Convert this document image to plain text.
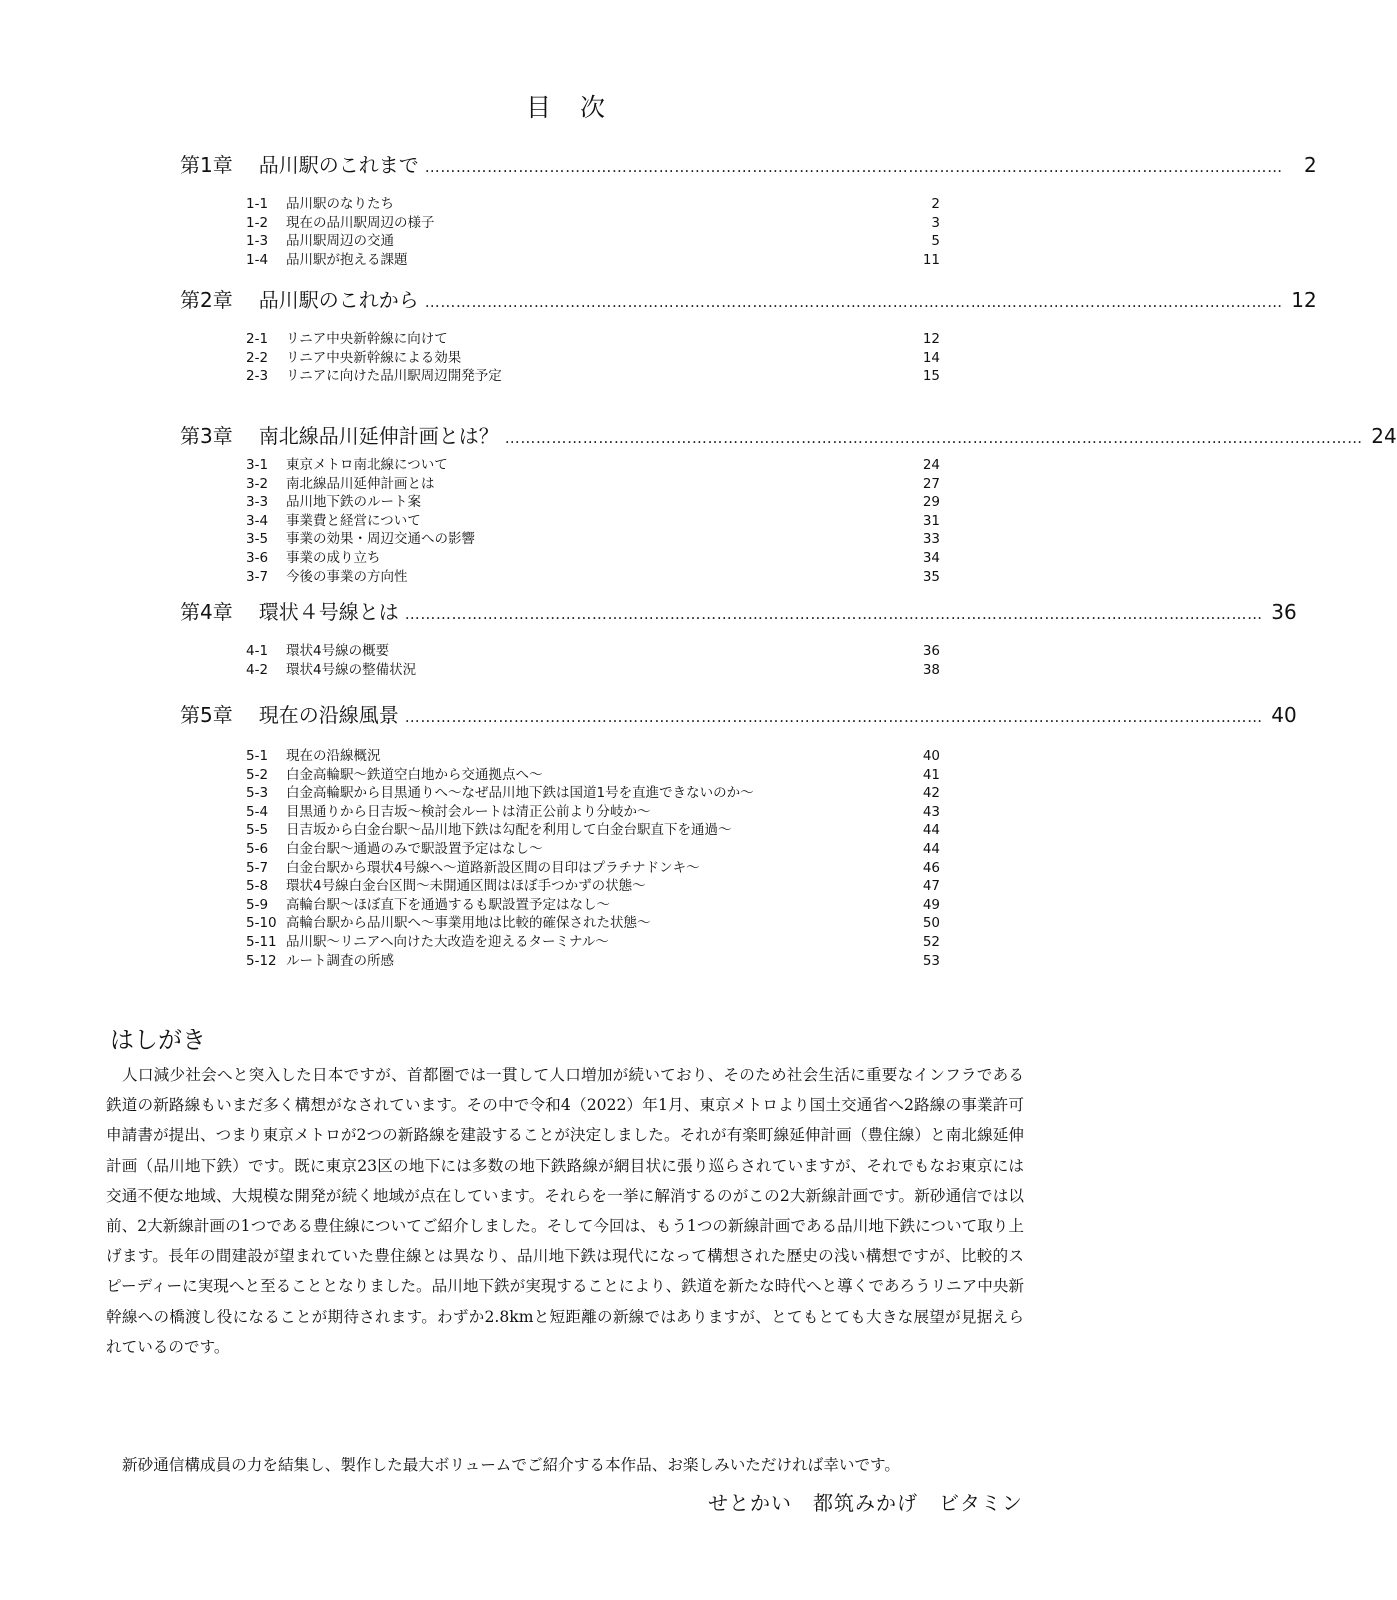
目　次
第1章 品川駅のこれまで …………………………………………………………………………………………………………………………………………………	2
1-1	品川駅のなりたち	2
1-2	現在の品川駅周辺の様子	3
1-3	品川駅周辺の交通	5
1-4	品川駅が抱える課題	11
第2章 品川駅のこれから ………………………………………………………………………………………………………………………………………………… 12
2-1	リニア中央新幹線に向けて	12
2-2	リニア中央新幹線による効果	14
2-3	リニアに向けた品川駅周辺開発予定	15
第3章 南北線品川延伸計画とは？ ………………………………………………………………………………………………………………………………………………… 24
3-1	東京メトロ南北線について	24
3-2	南北線品川延伸計画とは	27
3-3	品川地下鉄のルート案	29
3-4	事業費と経営について	31
3-5	事業の効果・周辺交通への影響	33
3-6	事業の成り立ち	34
3-7	今後の事業の方向性	35
第4章 環状４号線とは ………………………………………………………………………………………………………………………………………………… 36
4-1	環状4号線の概要	36
4-2	環状4号線の整備状況	38
第5章 現在の沿線風景 ………………………………………………………………………………………………………………………………………………… 40
5-1	現在の沿線概況	40
5-2	白金高輪駅～鉄道空白地から交通拠点へ～	41
5-3	白金高輪駅から目黒通りへ～なぜ品川地下鉄は国道1号を直進できないのか～	42
5-4	目黒通りから日吉坂～検討会ルートは清正公前より分岐か～	43
5-5	日吉坂から白金台駅～品川地下鉄は勾配を利用して白金台駅直下を通過～	44
5-6	白金台駅～通過のみで駅設置予定はなし～	44
5-7	白金台駅から環状4号線へ～道路新設区間の目印はプラチナドンキ～	46
5-8	環状4号線白金台区間～未開通区間はほぼ手つかずの状態～	47
5-9	高輪台駅～ほぼ直下を通過するも駅設置予定はなし～	49
5-10 高輪台駅から品川駅へ～事業用地は比較的確保された状態～	50
5-11 品川駅～リニアへ向けた大改造を迎えるターミナル～	52
5-12 ルート調査の所感	53
はしがき

人口減少社会へと突入した日本ですが、首都圏では一貫して人口増加が続いており、そのため社会生活に重要なインフラである鉄道の新路線もいまだ多く構想がなされています。その中で令和4（2022）年1月、東京メトロより国土交通省へ2路線の事業許可申請書が提出、つまり東京メトロが2つの新路線を建設することが決定しました。それが有楽町線延伸計画（豊住線）と南北線延伸計画（品川地下鉄）です。既に東京23区の地下には多数の地下鉄路線が網目状に張り巡らされていますが、それでもなお東京には交通不便な地域、大規模な開発が続く地域が点在しています。それらを一挙に解消するのがこの2大新線計画です。新砂通信では以前、2大新線計画の1つである豊住線についてご紹介しました。そして今回は、もう1つの新線計画である品川地下鉄について取り上げます。長年の間建設が望まれていた豊住線とは異なり、品川地下鉄は現代になって構想された歴史の浅い構想ですが、比較的スピーディーに実現へと至ることとなりました。品川地下鉄が実現することにより、鉄道を新たな時代へと導くであろうリニア中央新幹線への橋渡し役になることが期待されます。わずか2.8kmと短距離の新線ではありますが、とてもとても大きな展望が見据えられているのです。

新砂通信構成員の力を結集し、製作した最大ボリュームでご紹介する本作品、お楽しみいただければ幸いです。

せとかい　都筑みかげ　ビタミン
